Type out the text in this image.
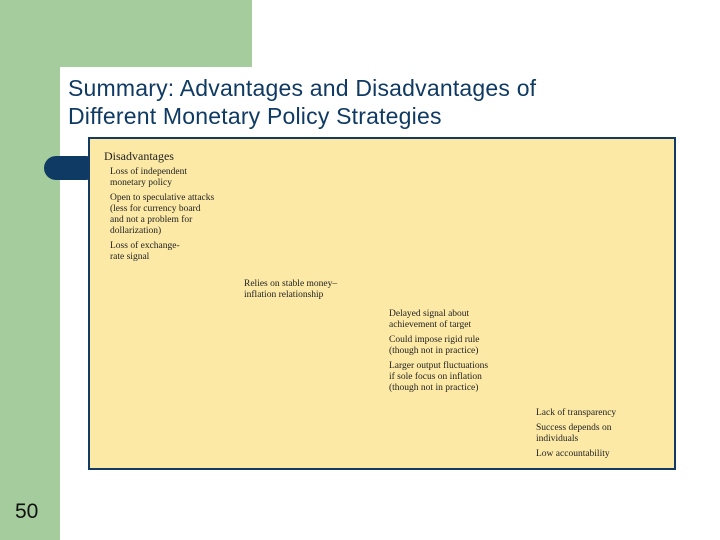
Summary: Advantages and Disadvantages of
Different Monetary Policy Strategies
Disadvantages

Loss of independent
monetary policy

Open to speculative attacks
(less for currency board
and not a problem for
dollarization)

Loss of exchange-
rate signal

Relies on stable money–
inflation relationship

Delayed signal about
achievement of target

Could impose rigid rule
(though not in practice)

Larger output fluctuations
if sole focus on inflation
(though not in practice)

Lack of transparency

Success depends on
individuals

Low accountability

50
